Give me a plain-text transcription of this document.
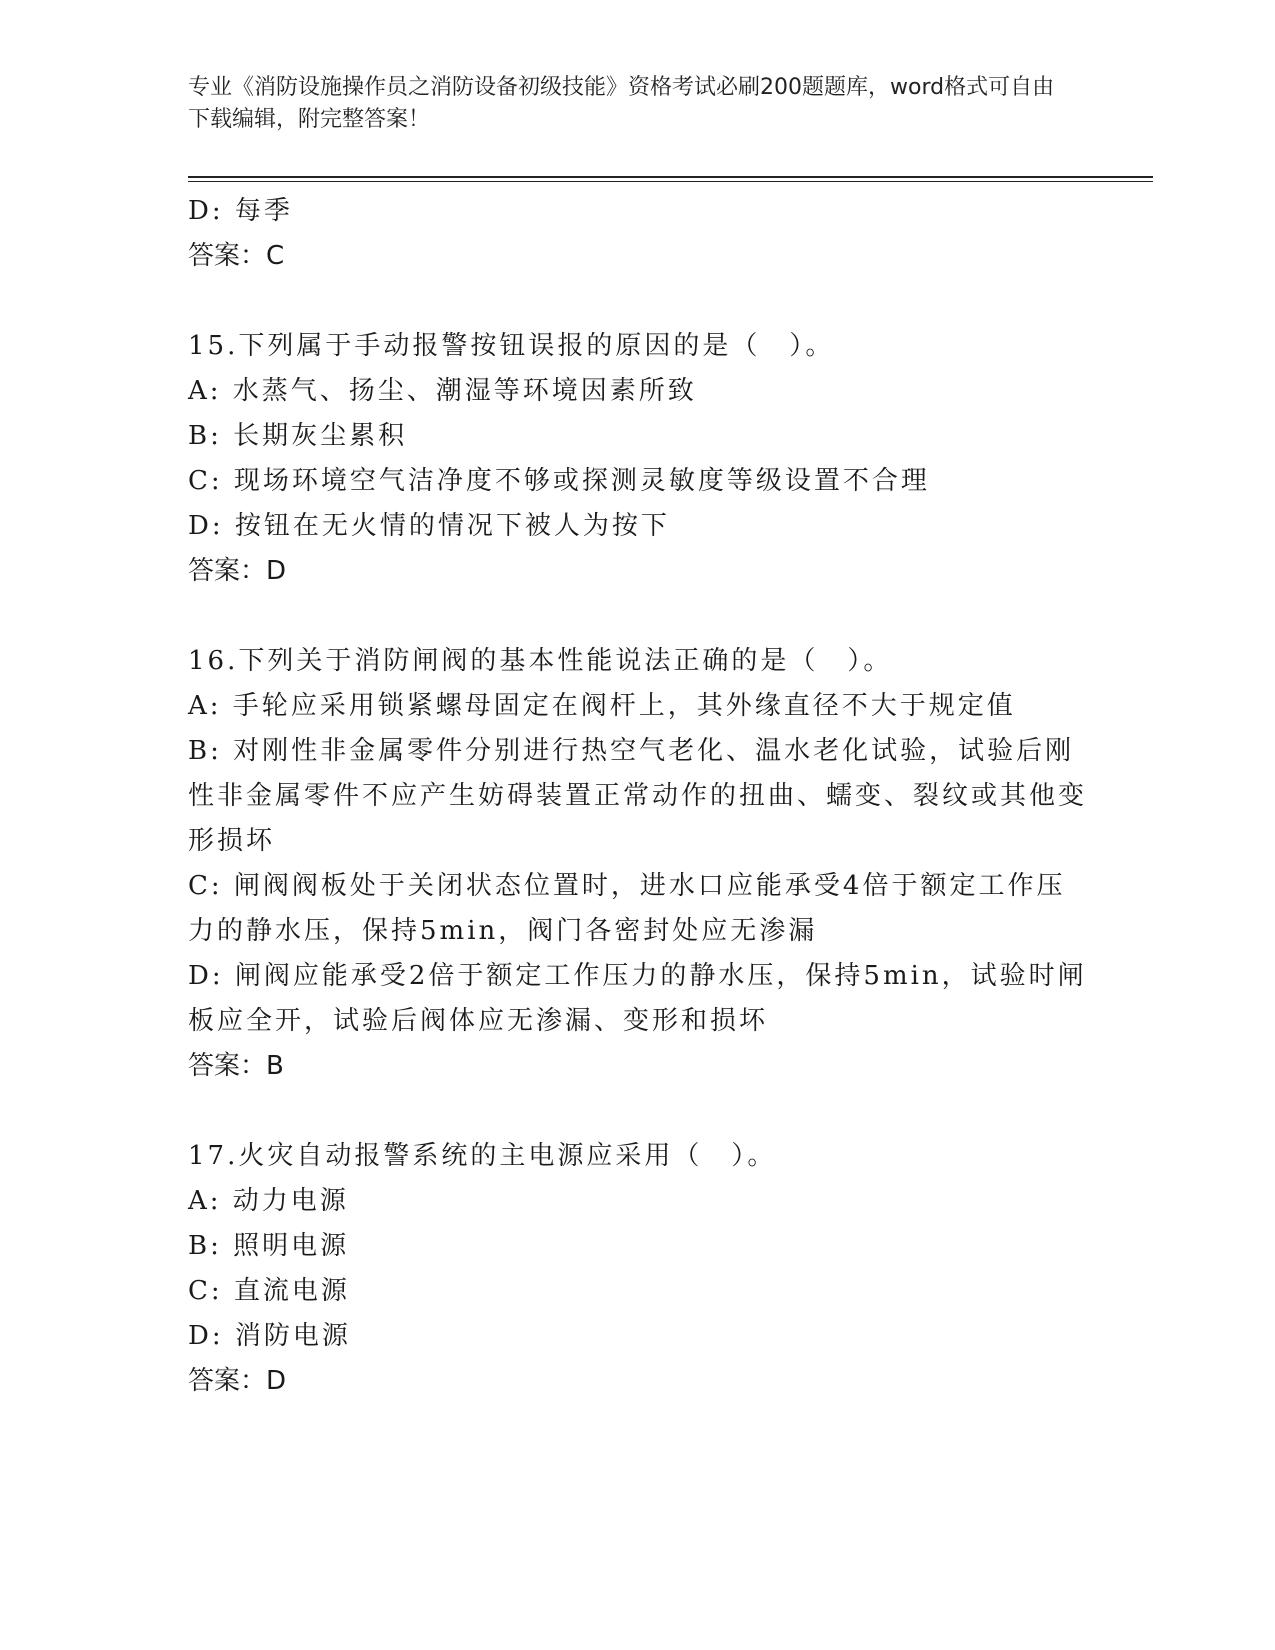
专业《消防设施操作员之消防设备初级技能》资格考试必刷200题题库，word格式可自由下载编辑，附完整答案！
D: 每季
答案：C
15.下列属于手动报警按钮误报的原因的是（　）。
A: 水蒸气、扬尘、潮湿等环境因素所致
B: 长期灰尘累积
C: 现场环境空气洁净度不够或探测灵敏度等级设置不合理
D: 按钮在无火情的情况下被人为按下
答案：D
16.下列关于消防闸阀的基本性能说法正确的是（　）。
A: 手轮应采用锁紧螺母固定在阀杆上，其外缘直径不大于规定值
B: 对刚性非金属零件分别进行热空气老化、温水老化试验，试验后刚性非金属零件不应产生妨碍装置正常动作的扭曲、蠕变、裂纹或其他变形损坏
C: 闸阀阀板处于关闭状态位置时，进水口应能承受4倍于额定工作压力的静水压，保持5min，阀门各密封处应无渗漏
D: 闸阀应能承受2倍于额定工作压力的静水压，保持5min，试验时闸板应全开，试验后阀体应无渗漏、变形和损坏
答案：B
17.火灾自动报警系统的主电源应采用（　）。
A: 动力电源
B: 照明电源
C: 直流电源
D: 消防电源
答案：D
